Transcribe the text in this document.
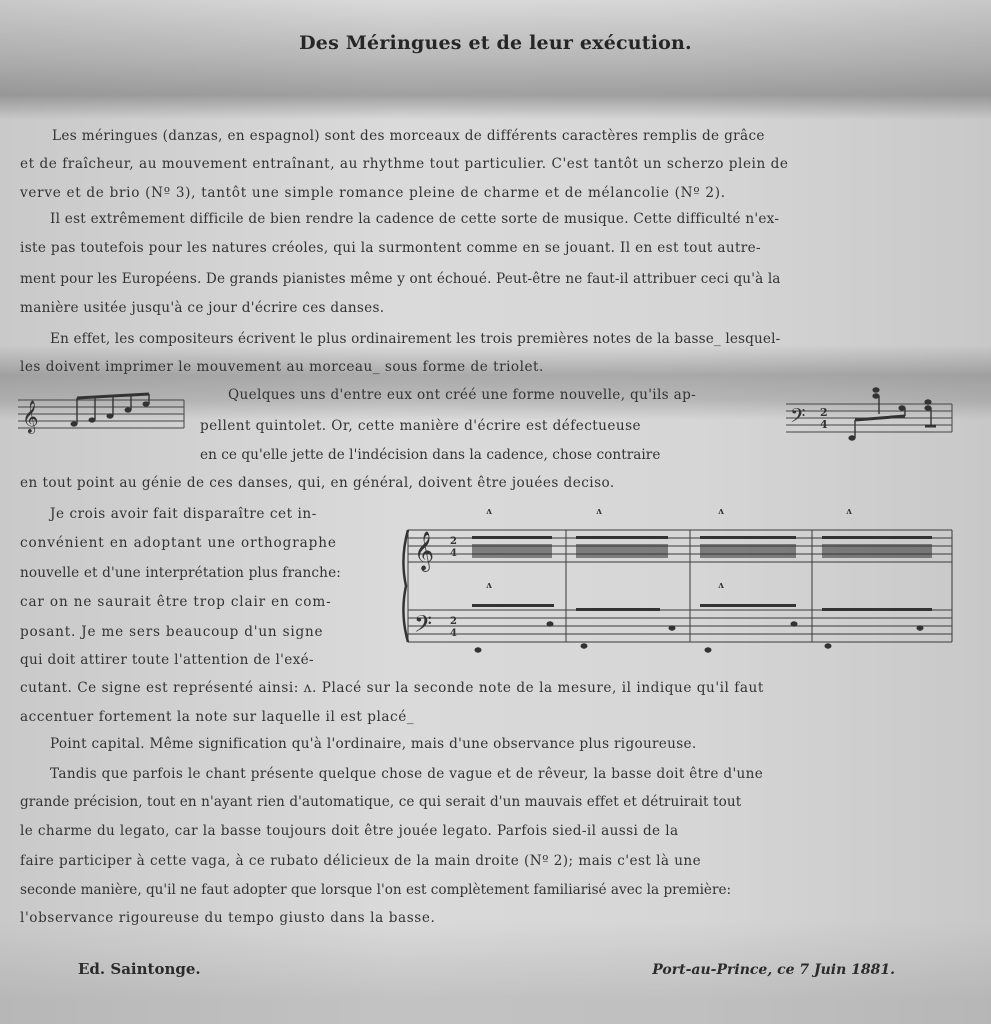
Des Méringues et de leur exécution.
Les méringues (danzas, en espagnol) sont des morceaux de différents caractères remplis de grâce
et de fraîcheur, au mouvement entraînant, au rhythme tout particulier. C'est tantôt un scherzo plein de
verve et de brio (Nº 3), tantôt une simple romance pleine de charme et de mélancolie (Nº 2).
Il est extrêmement difficile de bien rendre la cadence de cette sorte de musique. Cette difficulté n'ex-
iste pas toutefois pour les natures créoles, qui la surmontent comme en se jouant. Il en est tout autre-
ment pour les Européens. De grands pianistes même y ont échoué. Peut-être ne faut-il attribuer ceci qu'à la
manière usitée jusqu'à ce jour d'écrire ces danses.
En effet, les compositeurs écrivent le plus ordinairement les trois premières notes de la basse_ lesquel-
les doivent imprimer le mouvement au morceau_ sous forme de triolet.
𝄞
Quelques uns d'entre eux ont créé une forme nouvelle, qu'ils ap-
pellent quintolet. Or, cette manière d'écrire est défectueuse
en ce qu'elle jette de l'indécision dans la cadence, chose contraire
𝄢 2
4
en tout point au génie de ces danses, qui, en général, doivent être jouées deciso.
Je crois avoir fait disparaître cet in-
convénient en adoptant une orthographe
nouvelle et d'une interprétation plus franche:
car on ne saurait être trop clair en com-
posant. Je me sers beaucoup d'un signe
qui doit attirer toute l'attention de l'exé-
𝄞
𝄢
2
4
2
4
ʌ	ʌ	ʌ	ʌ
ʌ	ʌ
cutant. Ce signe est représenté ainsi: ʌ. Placé sur la seconde note de la mesure, il indique qu'il faut
accentuer fortement la note sur laquelle il est placé_
Point capital. Même signification qu'à l'ordinaire, mais d'une observance plus rigoureuse.
Tandis que parfois le chant présente quelque chose de vague et de rêveur, la basse doit être d'une
grande précision, tout en n'ayant rien d'automatique, ce qui serait d'un mauvais effet et détruirait tout
le charme du legato, car la basse toujours doit être jouée legato. Parfois sied-il aussi de la
faire participer à cette vaga, à ce rubato délicieux de la main droite (Nº 2); mais c'est là une
seconde manière, qu'il ne faut adopter que lorsque l'on est complètement familiarisé avec la première:
l'observance rigoureuse du tempo giusto dans la basse.
Ed. Saintonge.	Port-au-Prince, ce 7 Juin 1881.
